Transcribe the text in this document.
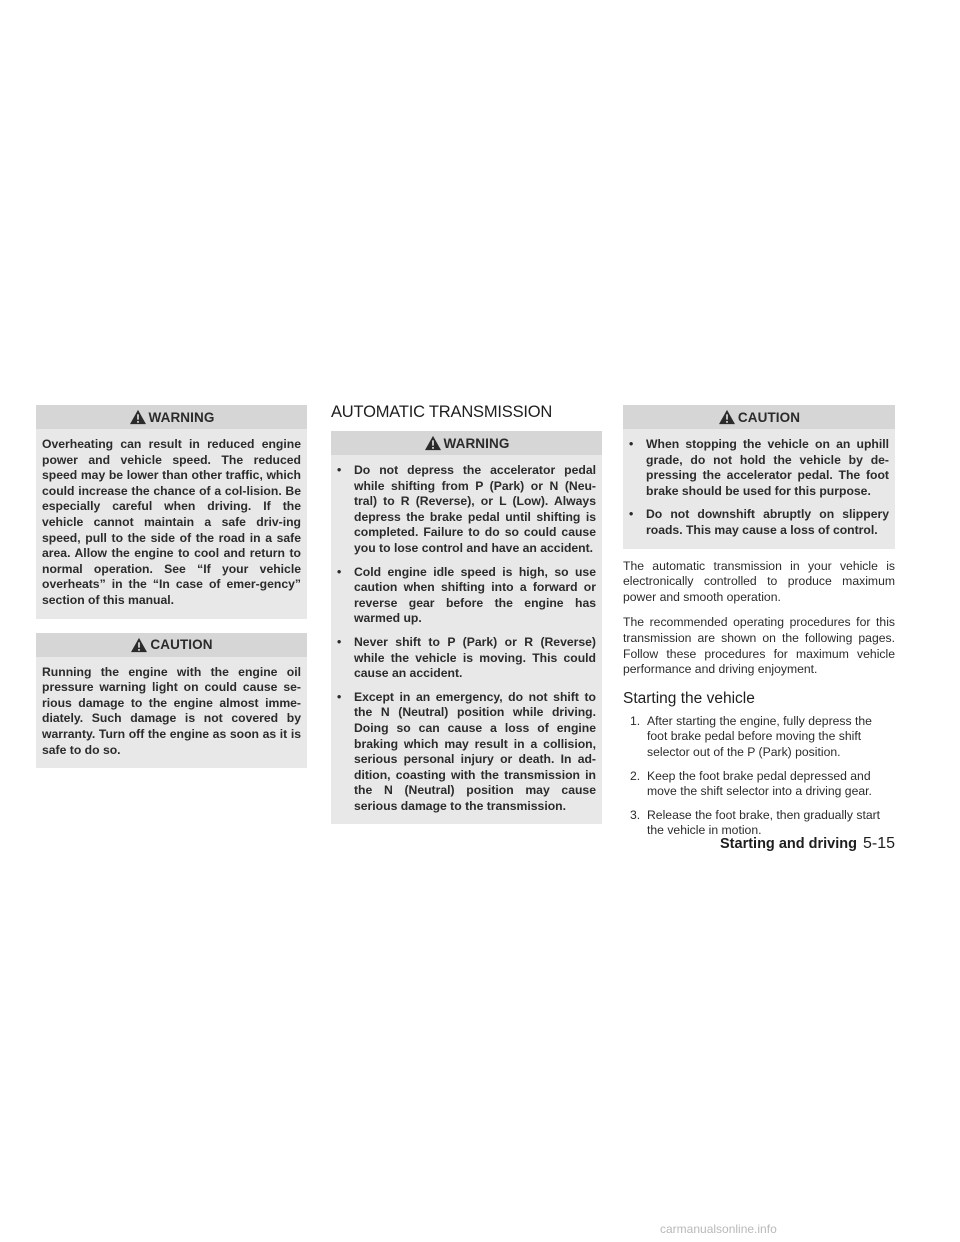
WARNING

Overheating can result in reduced engine power and vehicle speed. The reduced speed may be lower than other traffic, which could increase the chance of a col-lision. Be especially careful when driving. If the vehicle cannot maintain a safe driv-ing speed, pull to the side of the road in a safe area. Allow the engine to cool and return to normal operation. See “If your vehicle overheats” in the “In case of emer-gency” section of this manual.

CAUTION

Running the engine with the engine oil pressure warning light on could cause se-rious damage to the engine almost imme-diately. Such damage is not covered by warranty. Turn off the engine as soon as it is safe to do so.

AUTOMATIC TRANSMISSION
WARNING
• Do not depress the accelerator pedal while shifting from P (Park) or N (Neu-tral) to R (Reverse), or L (Low). Always depress the brake pedal until shifting is completed. Failure to do so could cause you to lose control and have an accident.
• Cold engine idle speed is high, so use caution when shifting into a forward or reverse gear before the engine has warmed up.
• Never shift to P (Park) or R (Reverse) while the vehicle is moving. This could cause an accident.
• Except in an emergency, do not shift to the N (Neutral) position while driving. Doing so can cause a loss of engine braking which may result in a collision, serious personal injury or death. In ad-dition, coasting with the transmission in the N (Neutral) position may cause serious damage to the transmission.
CAUTION
• When stopping the vehicle on an uphill grade, do not hold the vehicle by de-pressing the accelerator pedal. The foot brake should be used for this purpose.
• Do not downshift abruptly on slippery roads. This may cause a loss of control.

The automatic transmission in your vehicle is electronically controlled to produce maximum power and smooth operation.

The recommended operating procedures for this transmission are shown on the following pages. Follow these procedures for maximum vehicle performance and driving enjoyment.

Starting the vehicle
1. After starting the engine, fully depress the foot brake pedal before moving the shift selector out of the P (Park) position.
2. Keep the foot brake pedal depressed and move the shift selector into a driving gear.
3. Release the foot brake, then gradually start the vehicle in motion.
Starting and driving 5-15
carmanualsonline.info
